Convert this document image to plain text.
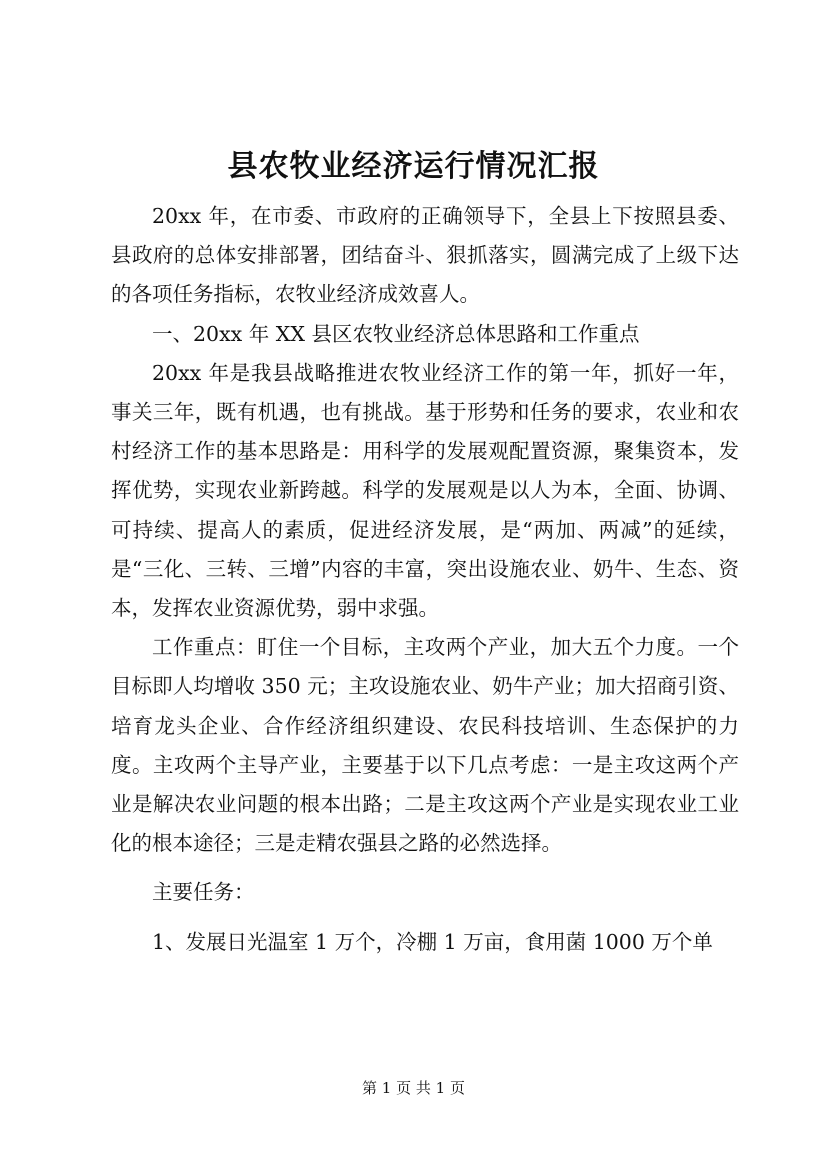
县农牧业经济运行情况汇报

20xx 年，在市委、市政府的正确领导下，全县上下按照县委、县政府的总体安排部署，团结奋斗、狠抓落实，圆满完成了上级下达的各项任务指标，农牧业经济成效喜人。

一、20xx 年 XX 县区农牧业经济总体思路和工作重点

20xx 年是我县战略推进农牧业经济工作的第一年，抓好一年，事关三年，既有机遇，也有挑战。基于形势和任务的要求，农业和农村经济工作的基本思路是：用科学的发展观配置资源，聚集资本，发挥优势，实现农业新跨越。科学的发展观是以人为本，全面、协调、可持续、提高人的素质，促进经济发展，是“两加、两减”的延续，是“三化、三转、三增”内容的丰富，突出设施农业、奶牛、生态、资本，发挥农业资源优势，弱中求强。

工作重点：盯住一个目标，主攻两个产业，加大五个力度。一个目标即人均增收 350 元；主攻设施农业、奶牛产业；加大招商引资、培育龙头企业、合作经济组织建设、农民科技培训、生态保护的力度。主攻两个主导产业，主要基于以下几点考虑：一是主攻这两个产业是解决农业问题的根本出路；二是主攻这两个产业是实现农业工业化的根本途径；三是走精农强县之路的必然选择。

主要任务：

1、发展日光温室 1 万个，冷棚 1 万亩，食用菌 1000 万个单

第 1 页 共 1 页
